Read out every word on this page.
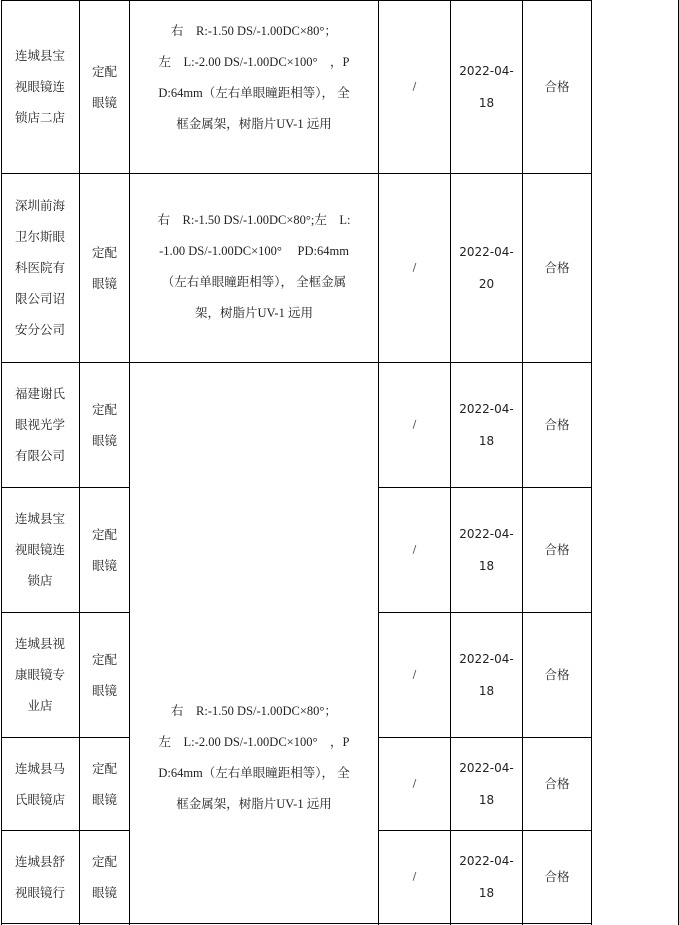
连城县宝
视眼镜连
锁店二店
定配
眼镜
/
2022-04-
18
合格
深圳前海
卫尔斯眼
科医院有
限公司诏
安分公司
定配
眼镜
/
2022-04-
20
合格
福建谢氏
眼视光学
有限公司
定配
眼镜
/
2022-04-
18
合格
连城县宝
视眼镜连
锁店
定配
眼镜
/
2022-04-
18
合格
连城县视
康眼镜专
业店
定配
眼镜
/
2022-04-
18
合格
连城县马
氏眼镜店
定配
眼镜
/
2022-04-
18
合格
连城县舒
视眼镜行
定配
眼镜
/
2022-04-
18
合格
右　R:-1.50 DS/-1.00DC×80°；
左　L:-2.00 DS/-1.00DC×100°　，P
D:64mm（左右单眼瞳距相等）， 全
框金属架，树脂片UV-1 远用
右　R:-1.50 DS/-1.00DC×80°;左　L:
-1.00 DS/-1.00DC×100°　 PD:64mm
（左右单眼瞳距相等）， 全框金属
架，树脂片UV-1 远用
右　R:-1.50 DS/-1.00DC×80°；
左　L:-2.00 DS/-1.00DC×100°　，P
D:64mm（左右单眼瞳距相等）， 全
框金属架，树脂片UV-1 远用
